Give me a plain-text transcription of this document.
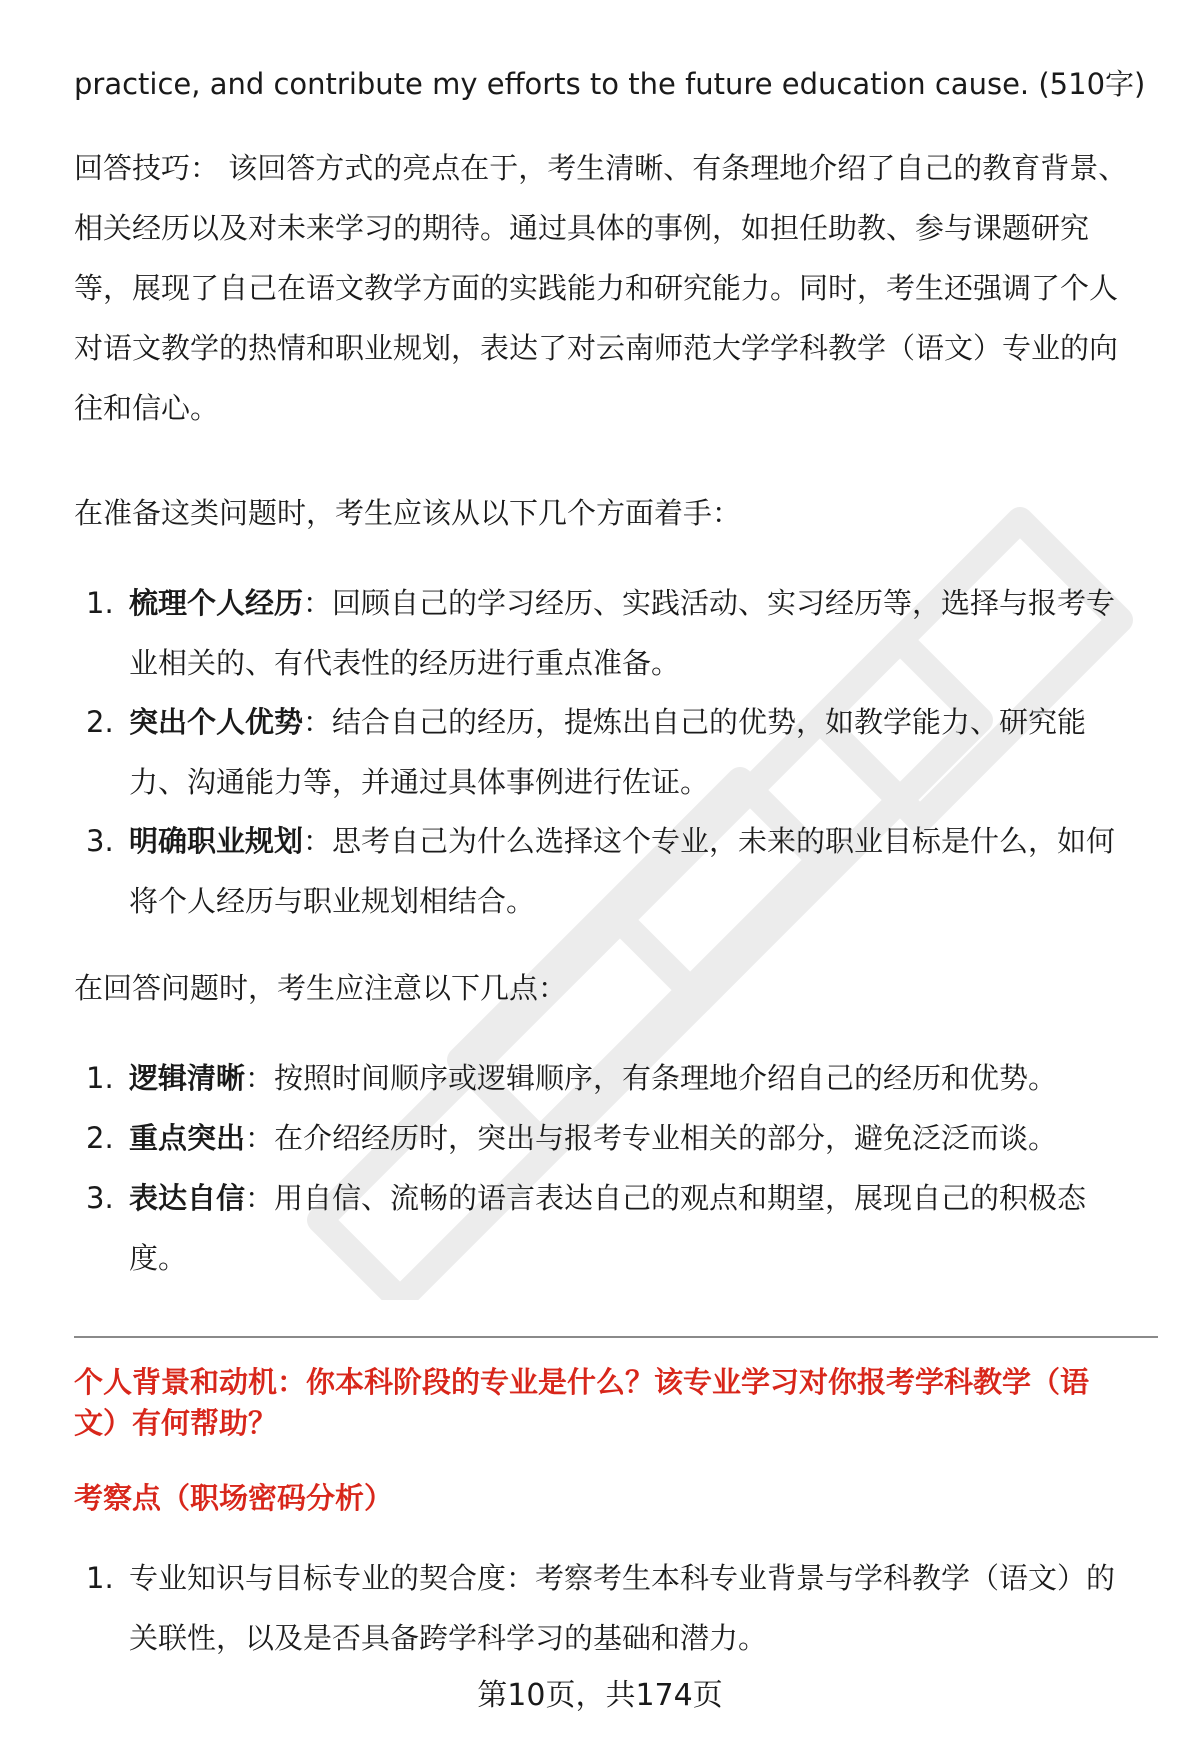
practice, and contribute my efforts to the future education cause. (510字)

回答技巧： 该回答方式的亮点在于，考生清晰、有条理地介绍了自己的教育背景、
相关经历以及对未来学习的期待。通过具体的事例，如担任助教、参与课题研究
等，展现了自己在语文教学方面的实践能力和研究能力。同时，考生还强调了个人
对语文教学的热情和职业规划，表达了对云南师范大学学科教学（语文）专业的向
往和信心。

在准备这类问题时，考生应该从以下几个方面着手：

1. 梳理个人经历：回顾自己的学习经历、实践活动、实习经历等，选择与报考专
业相关的、有代表性的经历进行重点准备。
2. 突出个人优势：结合自己的经历，提炼出自己的优势，如教学能力、研究能
力、沟通能力等，并通过具体事例进行佐证。
3. 明确职业规划：思考自己为什么选择这个专业，未来的职业目标是什么，如何
将个人经历与职业规划相结合。

在回答问题时，考生应注意以下几点：

1. 逻辑清晰：按照时间顺序或逻辑顺序，有条理地介绍自己的经历和优势。
2. 重点突出：在介绍经历时，突出与报考专业相关的部分，避免泛泛而谈。
3. 表达自信：用自信、流畅的语言表达自己的观点和期望，展现自己的积极态
度。
个人背景和动机：你本科阶段的专业是什么？该专业学习对你报考学科教学（语
文）有何帮助？
考察点（职场密码分析）
1. 专业知识与目标专业的契合度：考察考生本科专业背景与学科教学（语文）的
关联性，以及是否具备跨学科学习的基础和潜力。
第10页，共174页
